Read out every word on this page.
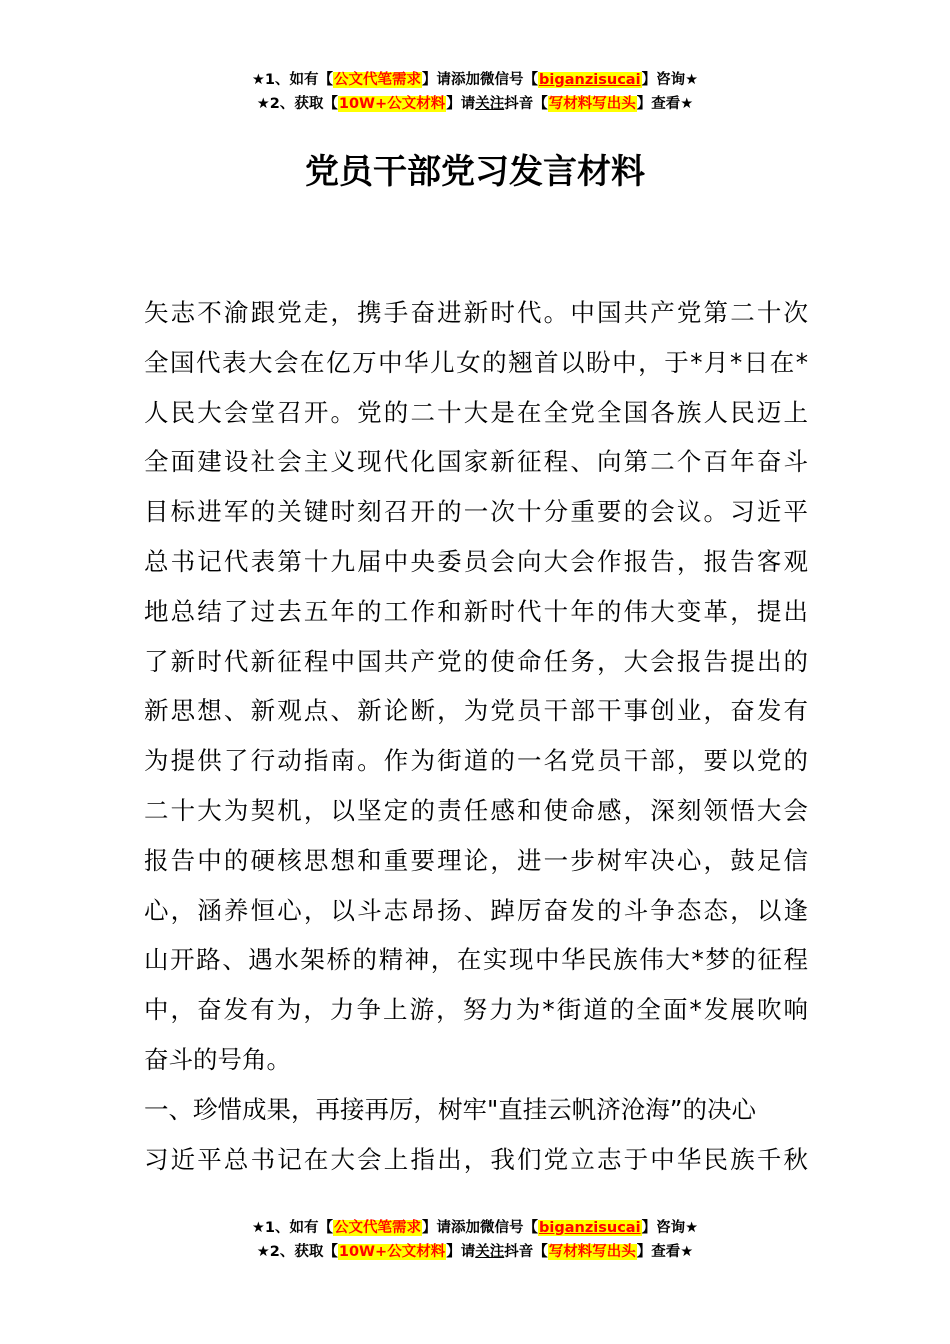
★1、如有【公文代笔需求】请添加微信号【biganzisucai】咨询★
★2、获取【10W+公文材料】请关注抖音【写材料写出头】查看★
党员干部党习发言材料
矢志不渝跟党走，携手奋进新时代。中国共产党第二十次
全国代表大会在亿万中华儿女的翘首以盼中，于*月*日在*
人民大会堂召开。党的二十大是在全党全国各族人民迈上
全面建设社会主义现代化国家新征程、向第二个百年奋斗
目标进军的关键时刻召开的一次十分重要的会议。习近平
总书记代表第十九届中央委员会向大会作报告，报告客观
地总结了过去五年的工作和新时代十年的伟大变革，提出
了新时代新征程中国共产党的使命任务，大会报告提出的
新思想、新观点、新论断，为党员干部干事创业，奋发有
为提供了行动指南。作为街道的一名党员干部，要以党的
二十大为契机，以坚定的责任感和使命感，深刻领悟大会
报告中的硬核思想和重要理论，进一步树牢决心，鼓足信
心，涵养恒心，以斗志昂扬、踔厉奋发的斗争态态，以逢
山开路、遇水架桥的精神，在实现中华民族伟大*梦的征程
中，奋发有为，力争上游，努力为*街道的全面*发展吹响
奋斗的号角。
一、珍惜成果，再接再厉，树牢"直挂云帆济沧海”的决心
习近平总书记在大会上指出，我们党立志于中华民族千秋
★1、如有【公文代笔需求】请添加微信号【biganzisucai】咨询★
★2、获取【10W+公文材料】请关注抖音【写材料写出头】查看★
